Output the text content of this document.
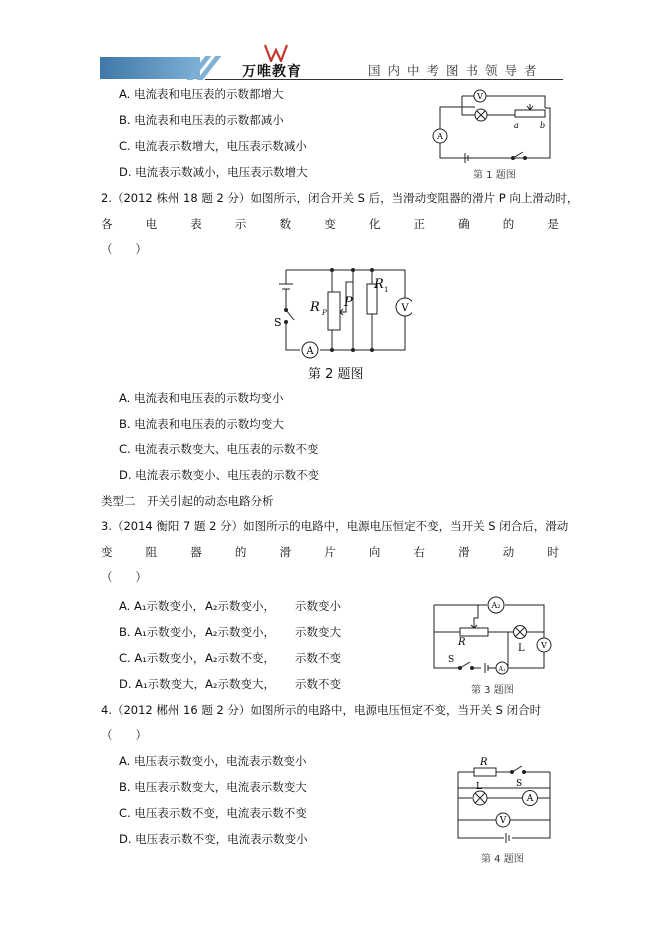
万唯教育	国内中考图书领导者
A. 电流表和电压表的示数都增大
B. 电流表和电压表的示数都减小
C. 电流表示数增大，电压表示数减小
D. 电流表示数减小，电压表示数增大
V
A
a	b
第 1 题图
2.（2012 株州 18 题 2 分）如图所示，闭合开关 S 后，当滑动变阻器的滑片 P 向上滑动时，
各	电	表	示	数	变	化	正	确	的	是
（　　）
R P
P
R 1
V
S
A
第 2 题图
A. 电流表和电压表的示数均变小
B. 电流表和电压表的示数均变大
C. 电流表示数变大、电压表的示数不变
D. 电流表示数变小、电压表的示数不变
类型二　开关引起的动态电路分析
3.（2014 衡阳 7 题 2 分）如图所示的电路中，电源电压恒定不变，当开关 S 闭合后，滑动
变	阻	器	的	滑	片	向	右	滑	动	时
（　　）
A. A₁示数变小， A₂示数变小， 示数变小
B. A₁示数变小， A₂示数变小， 示数变大
C. A₁示数变小， A₂示数不变， 示数不变
D. A₁示数变大， A₂示数变大， 示数不变
A₂
R
L V
S
A₁
第 3 题图
4.（2012 郴州 16 题 2 分）如图所示的电路中，电源电压恒定不变，当开关 S 闭合时
（　　）
A. 电压表示数变小，电流表示数变小
B. 电压表示数变大，电流表示数变大
C. 电压表示数不变，电流表示数不变
D. 电压表示数不变，电流表示数变小
R
S
L
A
V
第 4 题图
